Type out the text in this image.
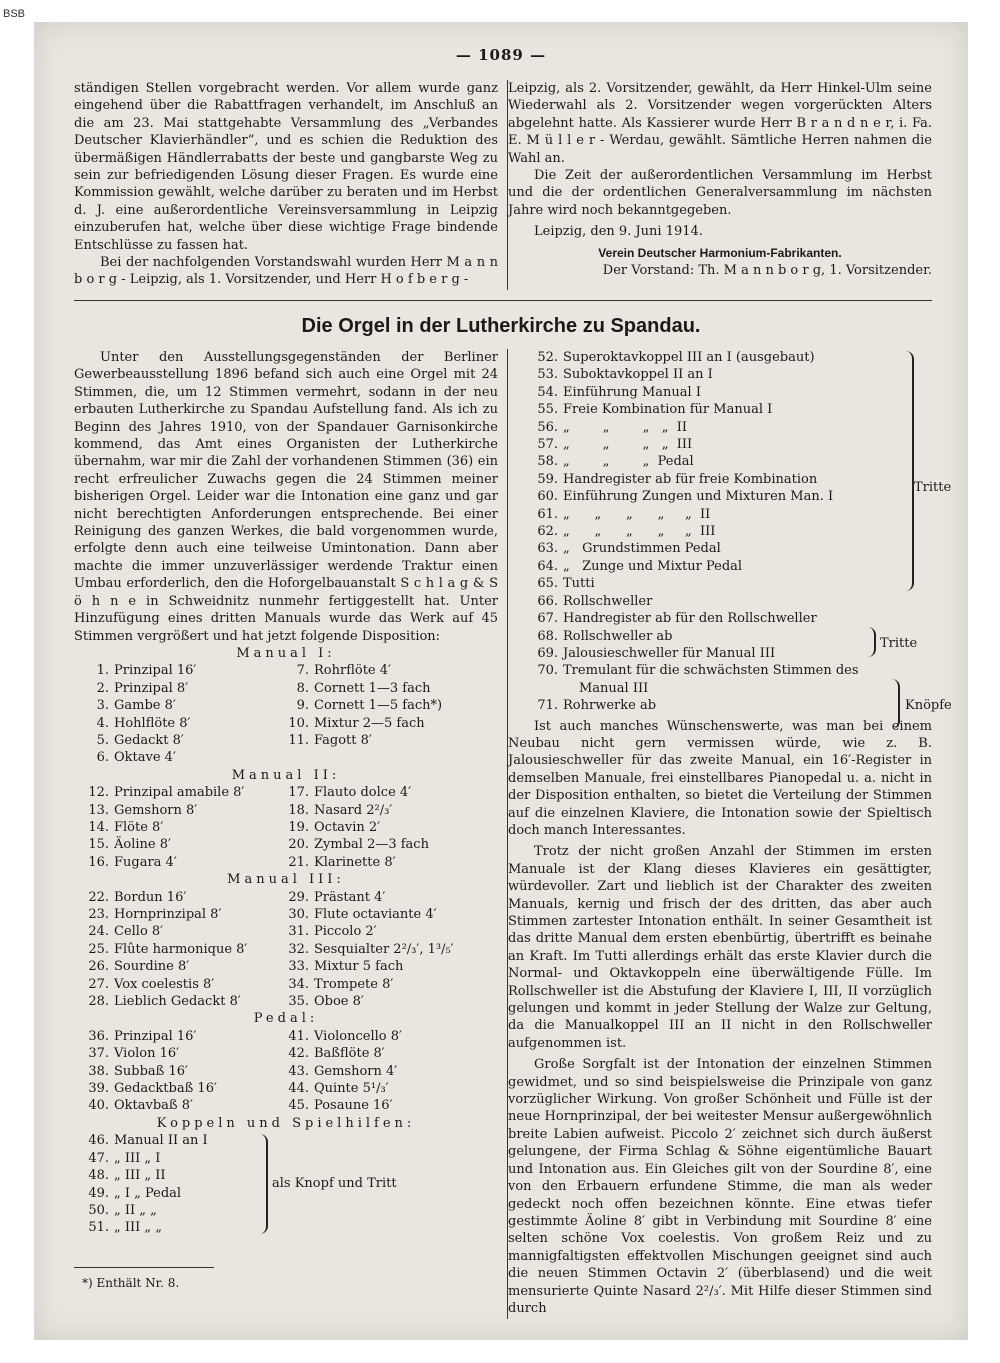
BSB
— 1089 —

ständigen Stellen vorgebracht werden. Vor allem wurde ganz eingehend über die Rabattfragen verhandelt, im Anschluß an die am 23. Mai stattgehabte Versammlung des „Verbandes Deutscher Klavierhändler“, und es schien die Reduktion des übermäßigen Händlerrabatts der beste und gangbarste Weg zu sein zur befriedigenden Lösung dieser Fragen. Es wurde eine Kommission gewählt, welche darüber zu beraten und im Herbst d. J. eine außerordentliche Vereinsversammlung in Leipzig einzuberufen hat, welche über diese wichtige Frage bindende Entschlüsse zu fassen hat.

Bei der nachfolgenden Vorstandswahl wurden Herr M a n n b o r g - Leipzig, als 1. Vorsitzender, und Herr H o f b e r g -

Leipzig, als 2. Vorsitzender, gewählt, da Herr Hinkel-Ulm seine Wiederwahl als 2. Vorsitzender wegen vorgerückten Alters abgelehnt hatte. Als Kassierer wurde Herr B r a n d n e r, i. Fa. E. M ü l l e r - Werdau, gewählt. Sämtliche Herren nahmen die Wahl an.

Die Zeit der außerordentlichen Versammlung im Herbst und die der ordentlichen Generalversammlung im nächsten Jahre wird noch bekanntgegeben.

Leipzig, den 9. Juni 1914.

Verein Deutscher Harmonium-Fabrikanten.
Der Vorstand: Th. M a n n b o r g, 1. Vorsitzender.
Die Orgel in der Lutherkirche zu Spandau.

Unter den Ausstellungsgegenständen der Berliner Gewerbeausstellung 1896 befand sich auch eine Orgel mit 24 Stimmen, die, um 12 Stimmen vermehrt, sodann in der neu erbauten Lutherkirche zu Spandau Aufstellung fand. Als ich zu Beginn des Jahres 1910, von der Spandauer Garnisonkirche kommend, das Amt eines Organisten der Lutherkirche übernahm, war mir die Zahl der vorhandenen Stimmen (36) ein recht erfreulicher Zuwachs gegen die 24 Stimmen meiner bisherigen Orgel. Leider war die Intonation eine ganz und gar nicht berechtigten Anforderungen entsprechende. Bei einer Reinigung des ganzen Werkes, die bald vorgenommen wurde, erfolgte denn auch eine teilweise Umintonation. Dann aber machte die immer unzuverlässiger werdende Traktur einen Umbau erforderlich, den die Hoforgelbauanstalt S c h l a g & S ö h n e in Schweidnitz nunmehr fertiggestellt hat. Unter Hinzufügung eines dritten Manuals wurde das Werk auf 45 Stimmen vergrößert und hat jetzt folgende Disposition:

Manual I:
1. Prinzipal 16′	7. Rohrflöte 4′
2. Prinzipal 8′	8. Cornett 1—3 fach
3. Gambe 8′	9. Cornett 1—5 fach*)
4. Hohlflöte 8′	10. Mixtur 2—5 fach
5. Gedackt 8′	11. Fagott 8′
6. Oktave 4′
Manual II:
12. Prinzipal amabile 8′	17. Flauto dolce 4′
13. Gemshorn 8′	18. Nasard 2²/₃′
14. Flöte 8′	19. Octavin 2′
15. Äoline 8′	20. Zymbal 2—3 fach
16. Fugara 4′	21. Klarinette 8′
Manual III:
22. Bordun 16′	29. Prästant 4′
23. Hornprinzipal 8′	30. Flute octaviante 4′
24. Cello 8′	31. Piccolo 2′
25. Flûte harmonique 8′	32. Sesquialter 2²/₃′, 1³/₅′
26. Sourdine 8′	33. Mixtur 5 fach
27. Vox coelestis 8′	34. Trompete 8′
28. Lieblich Gedackt 8′	35. Oboe 8′
Pedal:
36. Prinzipal 16′	41. Violoncello 8′
37. Violon 16′	42. Baßflöte 8′
38. Subbaß 16′	43. Gemshorn 4′
39. Gedacktbaß 16′	44. Quinte 5¹/₃′
40. Oktavbaß 8′	45. Posaune 16′
Koppeln und Spielhilfen:
46. Manual II an I
47. „ III „ I
48. „ III „ II
49. „ I „ Pedal
50. „ II „ „
51. „ III „ „
als Knopf und Tritt
*) Enthält Nr. 8.
52. Superoktavkoppel III an I (ausgebaut)
53. Suboktavkoppel II an I
54. Einführung Manual I
55. Freie Kombination für Manual I
56. „        „        „   „  II
57. „        „        „   „  III
58. „        „        „  Pedal
59. Handregister ab für freie Kombination
60. Einführung Zungen und Mixturen Man. I
61. „      „      „      „     „  II
62. „      „      „      „     „  III
63. „   Grundstimmen Pedal
64. „   Zunge und Mixtur Pedal
65. Tutti
66. Rollschweller
67. Handregister ab für den Rollschweller
68. Rollschweller ab
69. Jalousieschweller für Manual III
70. Tremulant für die schwächsten Stimmen des
Manual III
71. Rohrwerke ab
Tritte
Tritte
Knöpfe

Ist auch manches Wünschenswerte, was man bei einem Neubau nicht gern vermissen würde, wie z. B. Jalousieschweller für das zweite Manual, ein 16′-Register in demselben Manuale, frei einstellbares Pianopedal u. a. nicht in der Disposition enthalten, so bietet die Verteilung der Stimmen auf die einzelnen Klaviere, die Intonation sowie der Spieltisch doch manch Interessantes.

Trotz der nicht großen Anzahl der Stimmen im ersten Manuale ist der Klang dieses Klavieres ein gesättigter, würdevoller. Zart und lieblich ist der Charakter des zweiten Manuals, kernig und frisch der des dritten, das aber auch Stimmen zartester Intonation enthält. In seiner Gesamtheit ist das dritte Manual dem ersten ebenbürtig, übertrifft es beinahe an Kraft. Im Tutti allerdings erhält das erste Klavier durch die Normal- und Oktavkoppeln eine überwältigende Fülle. Im Rollschweller ist die Abstufung der Klaviere I, III, II vorzüglich gelungen und kommt in jeder Stellung der Walze zur Geltung, da die Manualkoppel III an II nicht in den Rollschweller aufgenommen ist.

Große Sorgfalt ist der Intonation der einzelnen Stimmen gewidmet, und so sind beispielsweise die Prinzipale von ganz vorzüglicher Wirkung. Von großer Schönheit und Fülle ist der neue Hornprinzipal, der bei weitester Mensur außergewöhnlich breite Labien aufweist. Piccolo 2′ zeichnet sich durch äußerst gelungene, der Firma Schlag & Söhne eigentümliche Bauart und Intonation aus. Ein Gleiches gilt von der Sourdine 8′, eine von den Erbauern erfundene Stimme, die man als weder gedeckt noch offen bezeichnen könnte. Eine etwas tiefer gestimmte Äoline 8′ gibt in Verbindung mit Sourdine 8′ eine selten schöne Vox coelestis. Von großem Reiz und zu mannigfaltigsten effektvollen Mischungen geeignet sind auch die neuen Stimmen Octavin 2′ (überblasend) und die weit mensurierte Quinte Nasard 2²/₃′. Mit Hilfe dieser Stimmen sind durch
